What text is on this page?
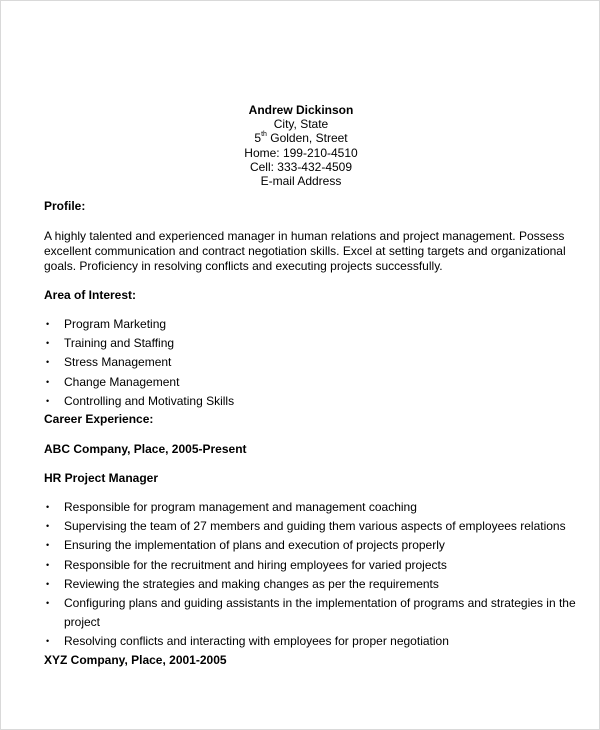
Andrew Dickinson
City, State
5th Golden, Street
Home: 199-210-4510
Cell: 333-432-4509
E-mail Address
Profile:
A highly talented and experienced manager in human relations and project management. Possess excellent communication and contract negotiation skills. Excel at setting targets and organizational goals. Proficiency in resolving conflicts and executing projects successfully.
Area of Interest:
• Program Marketing
• Training and Staffing
• Stress Management
• Change Management
• Controlling and Motivating Skills
Career Experience:
ABC Company, Place, 2005-Present
HR Project Manager
• Responsible for program management and management coaching
• Supervising the team of 27 members and guiding them various aspects of employees relations
• Ensuring the implementation of plans and execution of projects properly
• Responsible for the recruitment and hiring employees for varied projects
• Reviewing the strategies and making changes as per the requirements
• Configuring plans and guiding assistants in the implementation of programs and strategies in the project
• Resolving conflicts and interacting with employees for proper negotiation
XYZ Company, Place, 2001-2005
